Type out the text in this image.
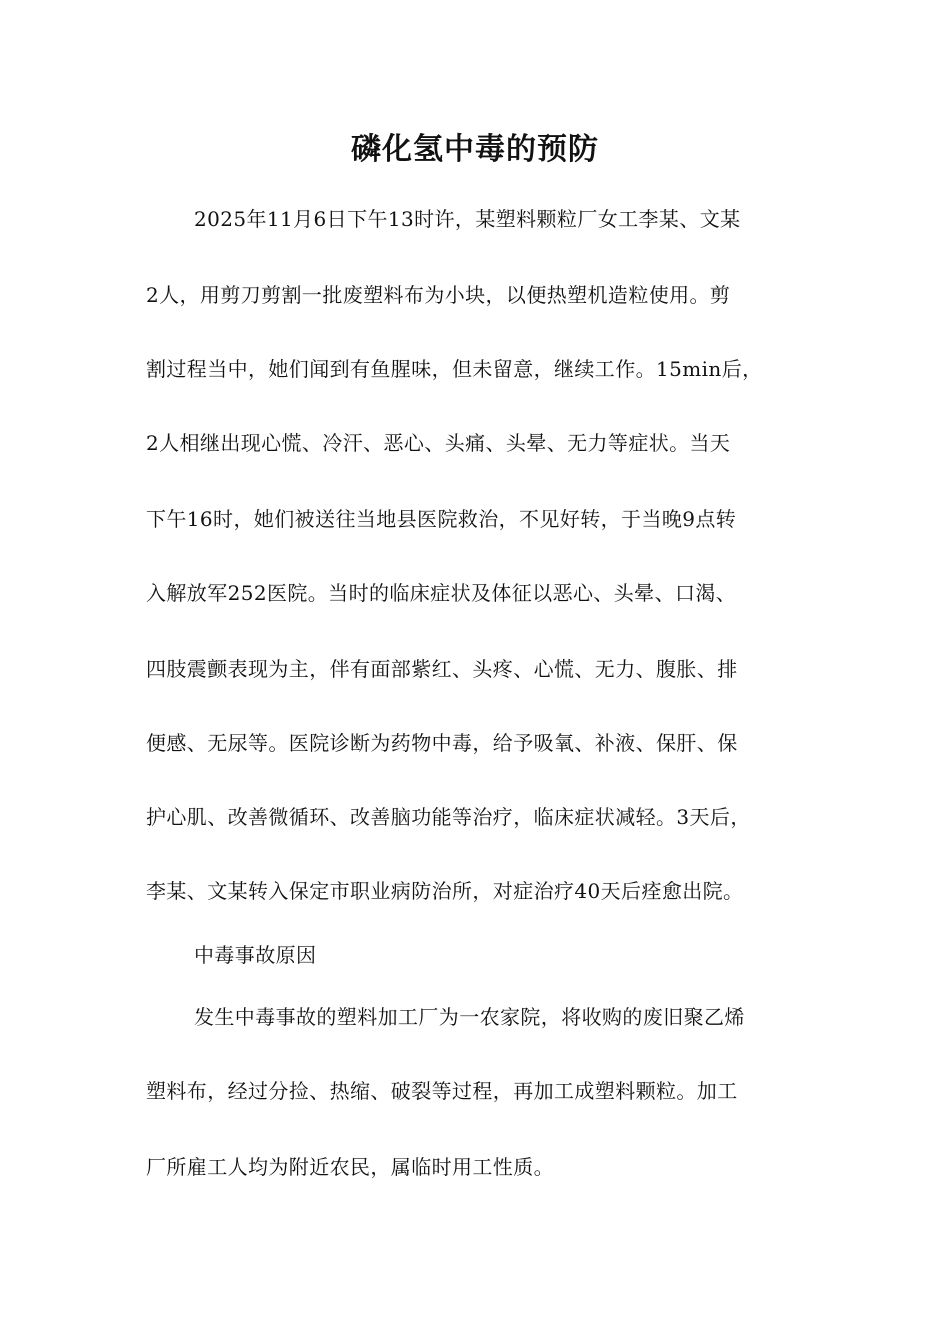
磷化氢中毒的预防
2025年11月6日下午13时许，某塑料颗粒厂女工李某、文某
2人，用剪刀剪割一批废塑料布为小块，以便热塑机造粒使用。剪
割过程当中，她们闻到有鱼腥味，但未留意，继续工作。15min后，
2人相继出现心慌、冷汗、恶心、头痛、头晕、无力等症状。当天
下午16时，她们被送往当地县医院救治，不见好转，于当晚9点转
入解放军252医院。当时的临床症状及体征以恶心、头晕、口渴、
四肢震颤表现为主，伴有面部紫红、头疼、心慌、无力、腹胀、排
便感、无尿等。医院诊断为药物中毒，给予吸氧、补液、保肝、保
护心肌、改善微循环、改善脑功能等治疗，临床症状减轻。3天后，
李某、文某转入保定市职业病防治所，对症治疗40天后痊愈出院。
中毒事故原因
发生中毒事故的塑料加工厂为一农家院，将收购的废旧聚乙烯
塑料布，经过分捡、热缩、破裂等过程，再加工成塑料颗粒。加工
厂所雇工人均为附近农民，属临时用工性质。
